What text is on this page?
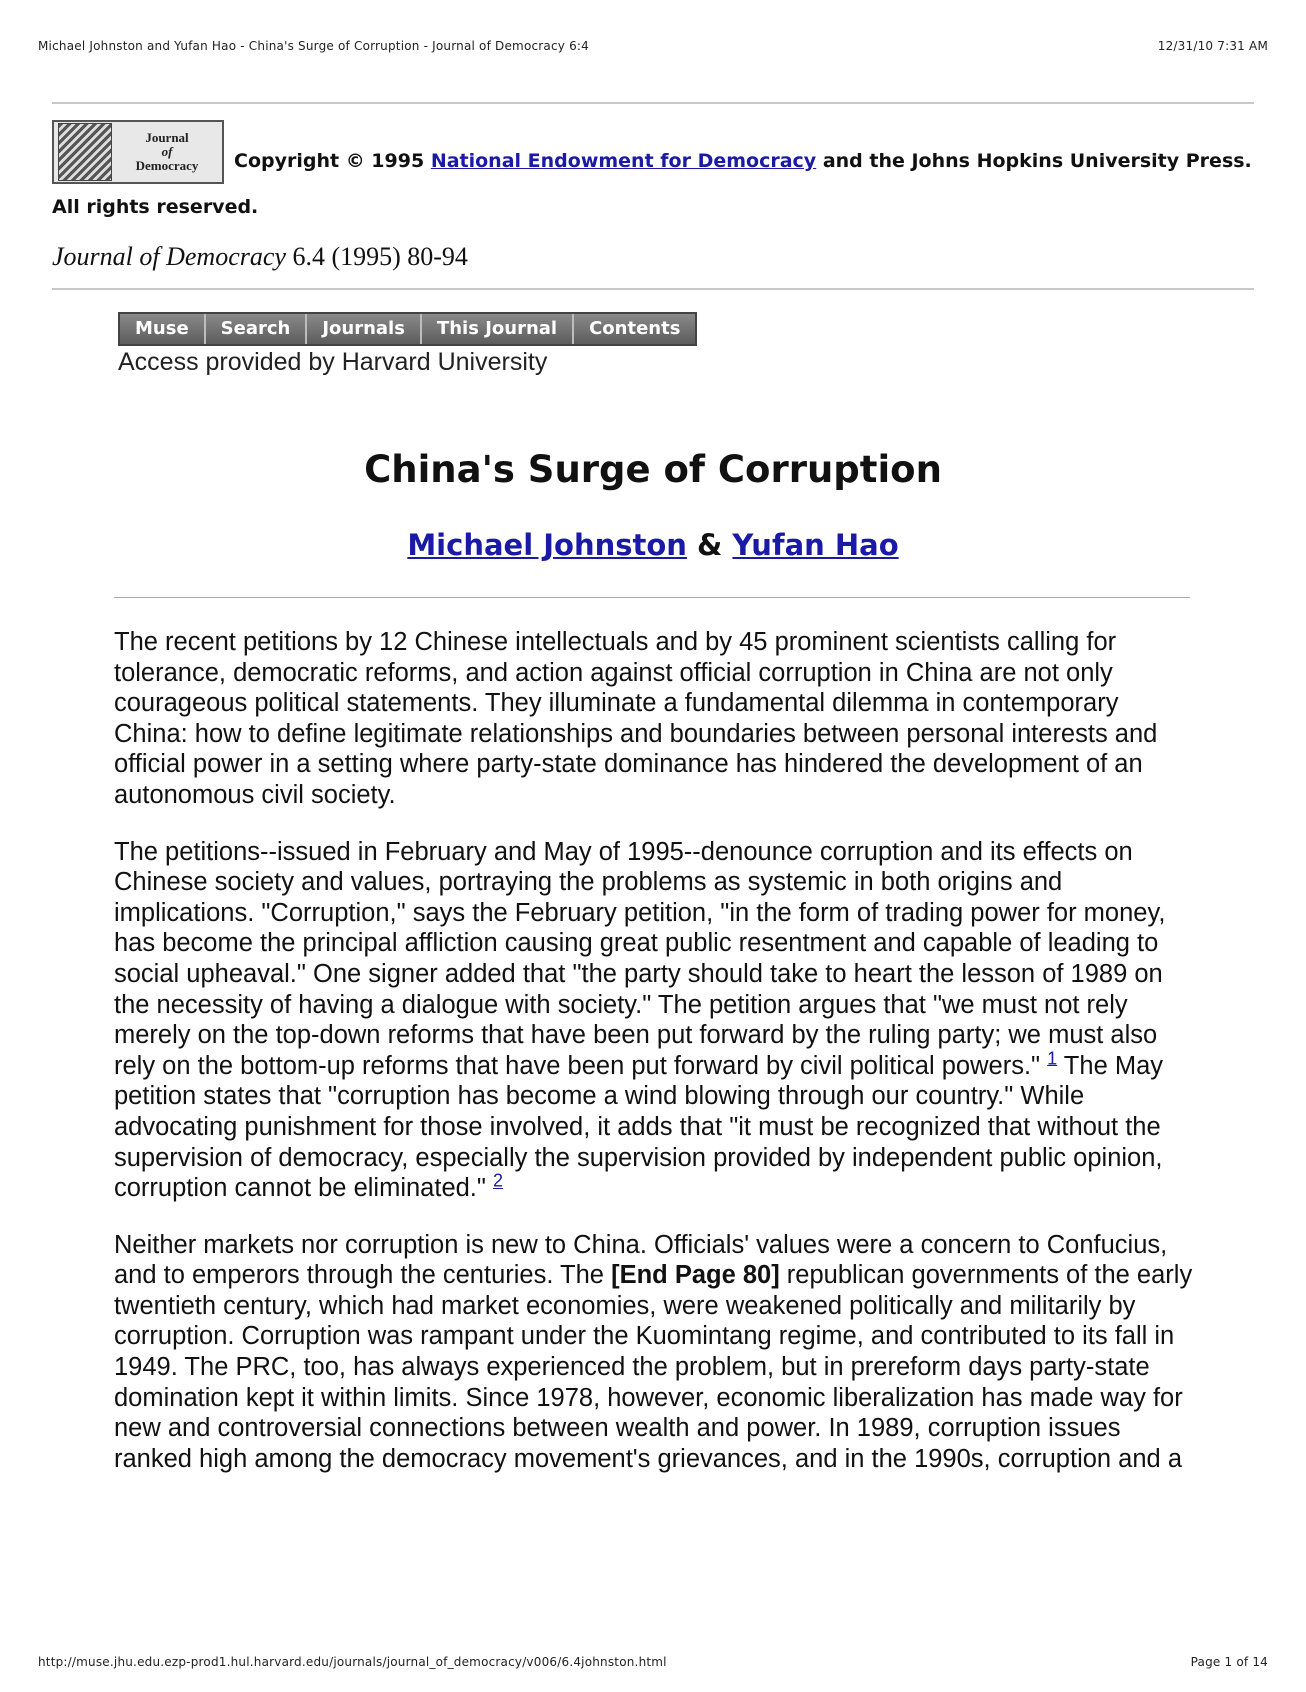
Michael Johnston and Yufan Hao - China's Surge of Corruption - Journal of Democracy 6:4	12/31/10 7:31 AM
Journal
of
Democracy	Copyright © 1995 National Endowment for Democracy and the Johns Hopkins University Press. All rights reserved.
Journal of Democracy 6.4 (1995) 80-94
Muse	Search	Journals	This Journal	Contents
Access provided by Harvard University
China's Surge of Corruption
Michael Johnston & Yufan Hao

The recent petitions by 12 Chinese intellectuals and by 45 prominent scientists calling for tolerance, democratic reforms, and action against official corruption in China are not only courageous political statements. They illuminate a fundamental dilemma in contemporary China: how to define legitimate relationships and boundaries between personal interests and official power in a setting where party-state dominance has hindered the development of an autonomous civil society.

The petitions--issued in February and May of 1995--denounce corruption and its effects on Chinese society and values, portraying the problems as systemic in both origins and implications. "Corruption," says the February petition, "in the form of trading power for money, has become the principal affliction causing great public resentment and capable of leading to social upheaval." One signer added that "the party should take to heart the lesson of 1989 on the necessity of having a dialogue with society." The petition argues that "we must not rely merely on the top-down reforms that have been put forward by the ruling party; we must also rely on the bottom-up reforms that have been put forward by civil political powers." $^1$ The May petition states that "corruption has become a wind blowing through our country." While advocating punishment for those involved, it adds that "it must be recognized that without the supervision of democracy, especially the supervision provided by independent public opinion, corruption cannot be eliminated." $^2$

Neither markets nor corruption is new to China. Officials' values were a concern to Confucius, and to emperors through the centuries. The [End Page 80] republican governments of the early twentieth century, which had market economies, were weakened politically and militarily by corruption. Corruption was rampant under the Kuomintang regime, and contributed to its fall in 1949. The PRC, too, has always experienced the problem, but in prereform days party-state domination kept it within limits. Since 1978, however, economic liberalization has made way for new and controversial connections between wealth and power. In 1989, corruption issues ranked high among the democracy movement's grievances, and in the 1990s, corruption and a

http://muse.jhu.edu.ezp-prod1.hul.harvard.edu/journals/journal_of_democracy/v006/6.4johnston.html	Page 1 of 14
